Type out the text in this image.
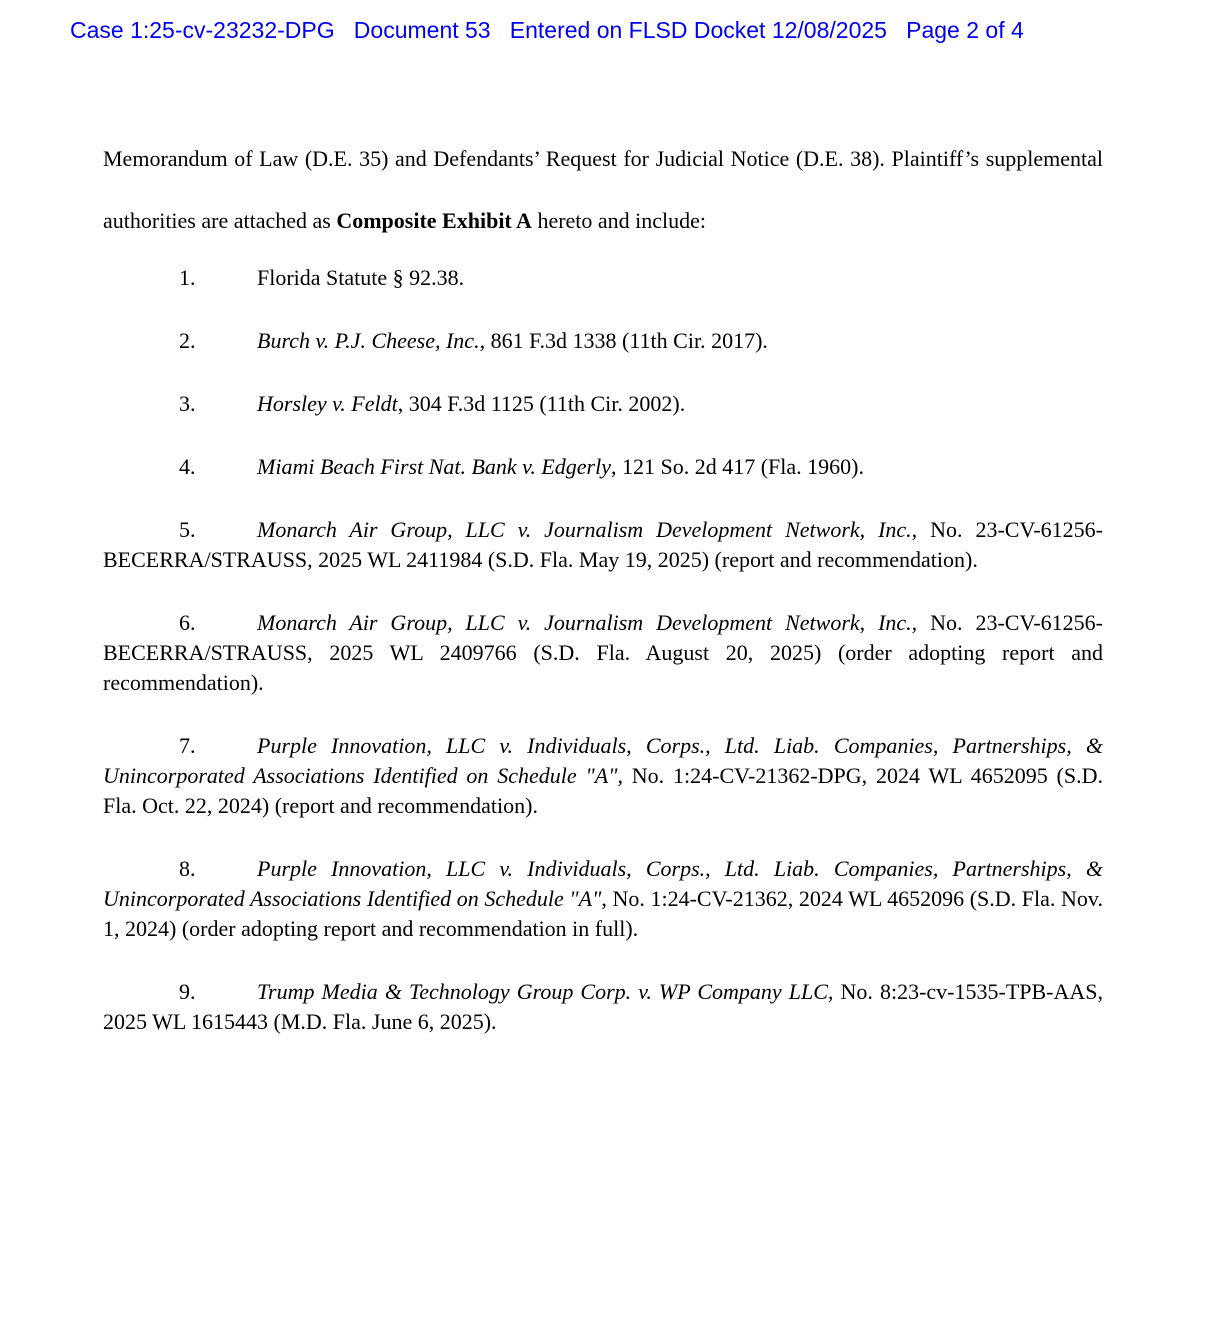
Case 1:25-cv-23232-DPG   Document 53   Entered on FLSD Docket 12/08/2025   Page 2 of 4

Memorandum of Law (D.E. 35) and Defendants’ Request for Judicial Notice (D.E. 38). Plaintiff’s supplemental authorities are attached as Composite Exhibit A hereto and include:

1.	Florida Statute § 92.38.

2.	Burch v. P.J. Cheese, Inc., 861 F.3d 1338 (11th Cir. 2017).

3.	Horsley v. Feldt, 304 F.3d 1125 (11th Cir. 2002).

4.	Miami Beach First Nat. Bank v. Edgerly, 121 So. 2d 417 (Fla. 1960).

5.	Monarch Air Group, LLC v. Journalism Development Network, Inc., No. 23-CV-61256-BECERRA/STRAUSS, 2025 WL 2411984 (S.D. Fla. May 19, 2025) (report and recommendation).

6.	Monarch Air Group, LLC v. Journalism Development Network, Inc., No. 23-CV-61256-BECERRA/STRAUSS, 2025 WL 2409766 (S.D. Fla. August 20, 2025) (order adopting report and recommendation).

7.	Purple Innovation, LLC v. Individuals, Corps., Ltd. Liab. Companies, Partnerships, & Unincorporated Associations Identified on Schedule "A", No. 1:24-CV-21362-DPG, 2024 WL 4652095 (S.D. Fla. Oct. 22, 2024) (report and recommendation).

8.	Purple Innovation, LLC v. Individuals, Corps., Ltd. Liab. Companies, Partnerships, & Unincorporated Associations Identified on Schedule "A", No. 1:24-CV-21362, 2024 WL 4652096 (S.D. Fla. Nov. 1, 2024) (order adopting report and recommendation in full).

9.	Trump Media & Technology Group Corp. v. WP Company LLC, No. 8:23-cv-1535-TPB-AAS, 2025 WL 1615443 (M.D. Fla. June 6, 2025).
